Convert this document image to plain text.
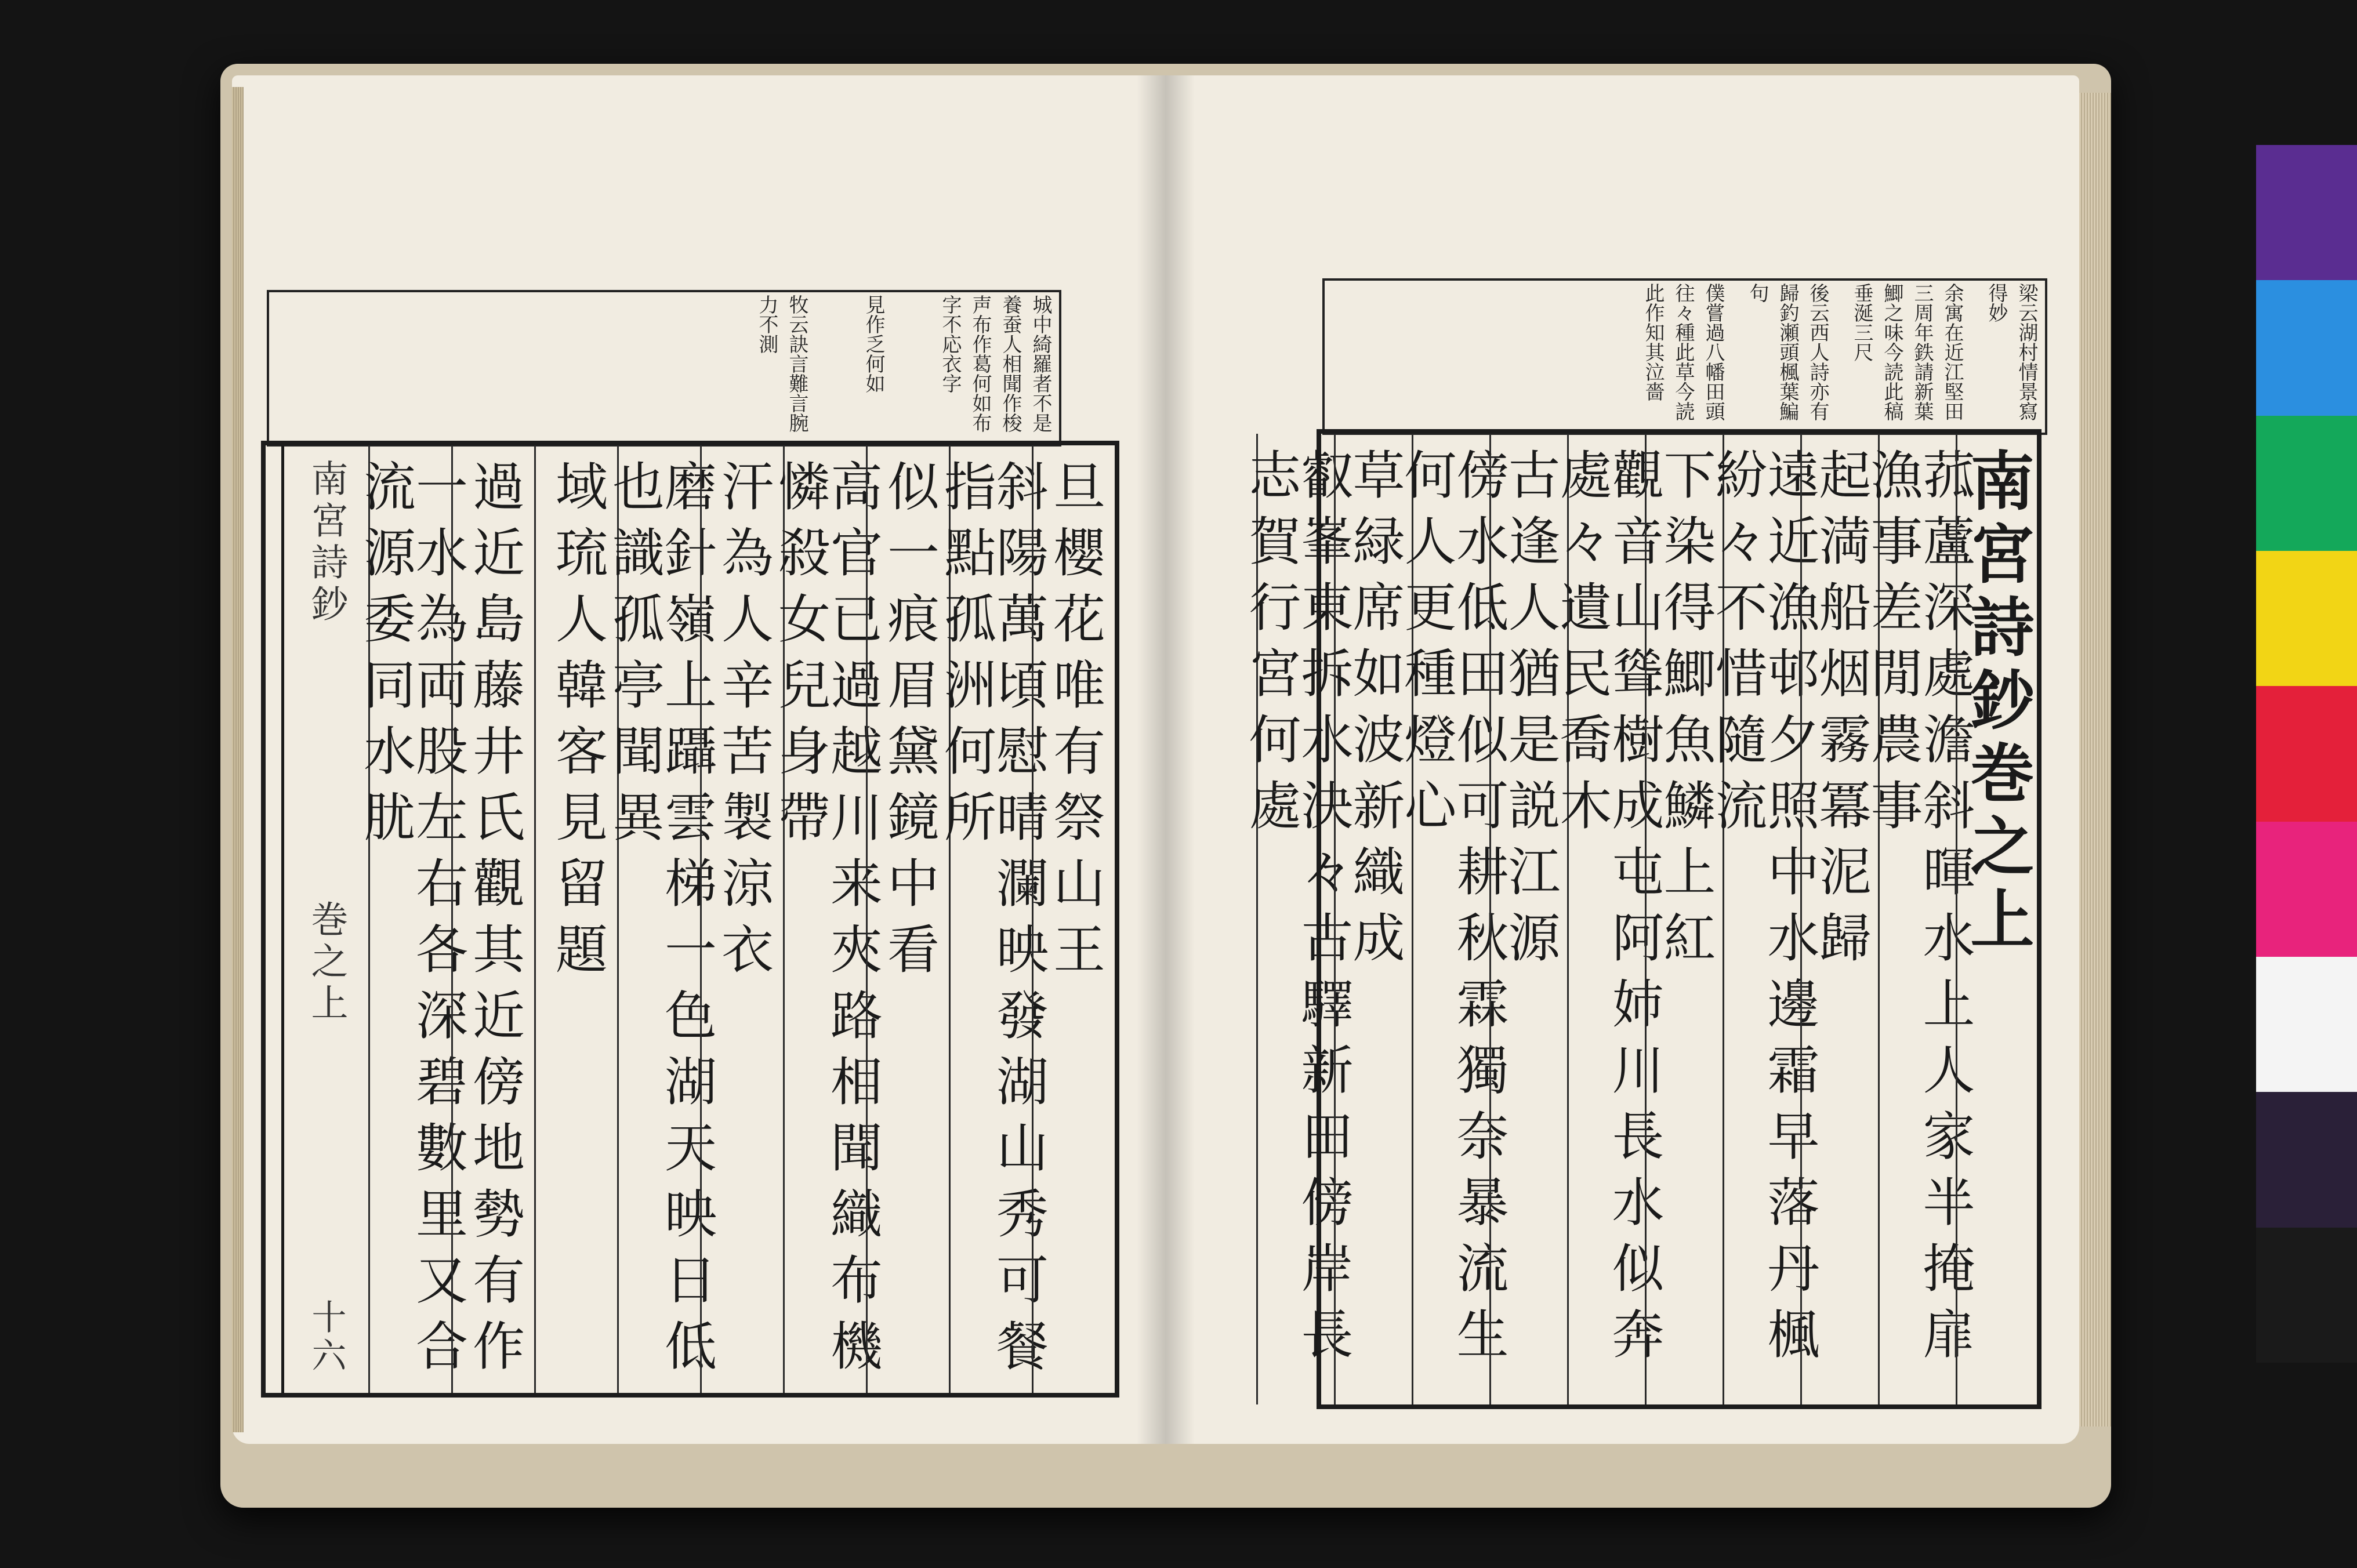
城中綺羅者不是養蚕人相聞作梭声布作葛何如布字不応衣字
見作乏何如
牧云訣言難言腕力不測
旦櫻花唯有祭山王
斜陽萬頃慰晴瀾映發湖山秀可餐指點孤洲何所
似一痕眉黛鏡中看
高官已過越川来夾路相聞織布機憐殺女兒身帶
汗為人辛苦製涼衣
磨針嶺上躡雲梯一色湖天映日低也識孤亭聞異
域琉人韓客見留題
過近島藤井氏觀其近傍地勢有作
一水為両股左右各深碧數里又合流源委同水肬
南宮詩鈔
巻之上
十六
梁云湖村情景寫得妙
余寓在近江堅田三周年鉄請新葉鯽之味今読此稿垂涎三尺
後云西人詩亦有歸釣瀬頭楓葉鯿句
僕嘗過八幡田頭往々種此草今読此作知其泣嗇
南宮詩鈔巻之上
菰蘆深處澹斜暉水上人家半掩扉漁事差閒農事
起満船烟霧冪泥歸
遠近漁邨夕照中水邊霜早落丹楓紛々不惜隨流
下染得鯽魚鱗上紅
觀音山聳樹成屯阿姉川長水似奔處々遺民喬木
古逢人猶是説江源
傍水低田似可耕秋霖獨奈暴流生何人更種燈心
草緑席如波新織成
叡峯東拆水決々古驛新田傍岸長志賀行宮何處
